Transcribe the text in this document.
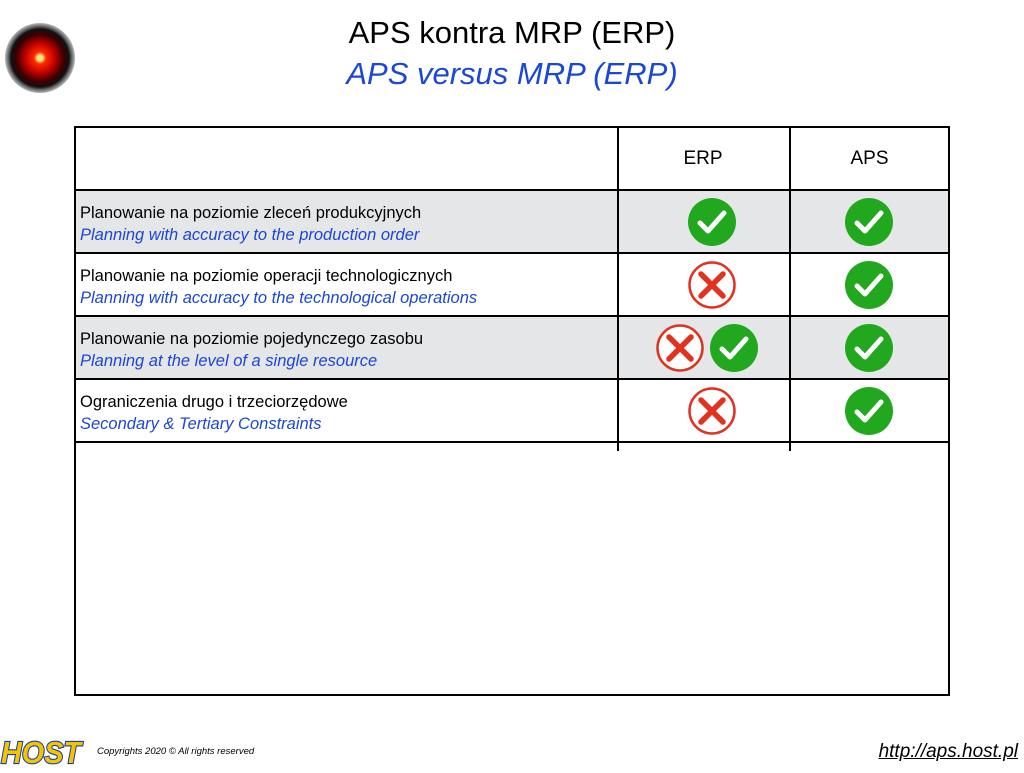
APS kontra MRP (ERP)
APS versus MRP (ERP)
ERP	APS
Planowanie na poziomie zleceń produkcyjnych
Planning with accuracy to the production order
Planowanie na poziomie operacji technologicznych
Planning with accuracy to the technological operations
Planowanie na poziomie pojedynczego zasobu
Planning at the level of a single resource
Ograniczenia drugo i trzeciorzędowe
Secondary & Tertiary Constraints
HOST Copyrights 2020 © All rights reserved	http://aps.host.pl
